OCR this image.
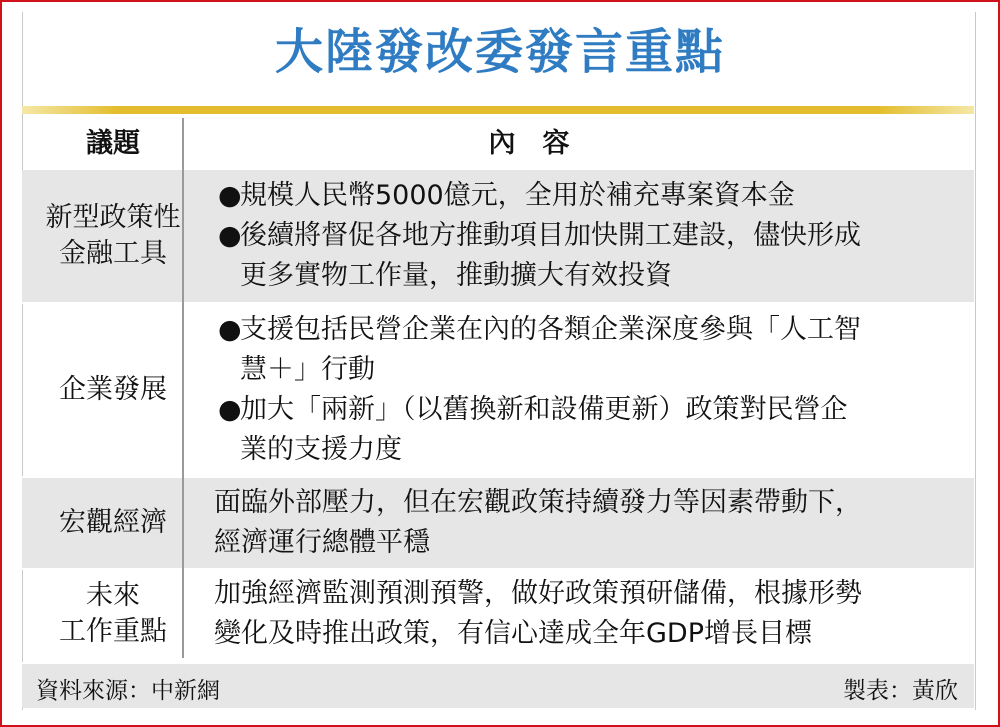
大陸發改委發言重點
議題	內　容
新型政策性
金融工具
●
規模人民幣5000億元，全用於補充專案資本金
●
後續將督促各地方推動項目加快開工建設，儘快形成
更多實物工作量，推動擴大有效投資
企業發展
●
支援包括民營企業在內的各類企業深度參與「人工智
慧＋」行動
●
加大「兩新」（以舊換新和設備更新）政策對民營企
業的支援力度
宏觀經濟
面臨外部壓力，但在宏觀政策持續發力等因素帶動下，
經濟運行總體平穩
未來
工作重點
加強經濟監測預測預警，做好政策預研儲備，根據形勢
變化及時推出政策，有信心達成全年GDP增長目標
資料來源：中新網	製表：黃欣
